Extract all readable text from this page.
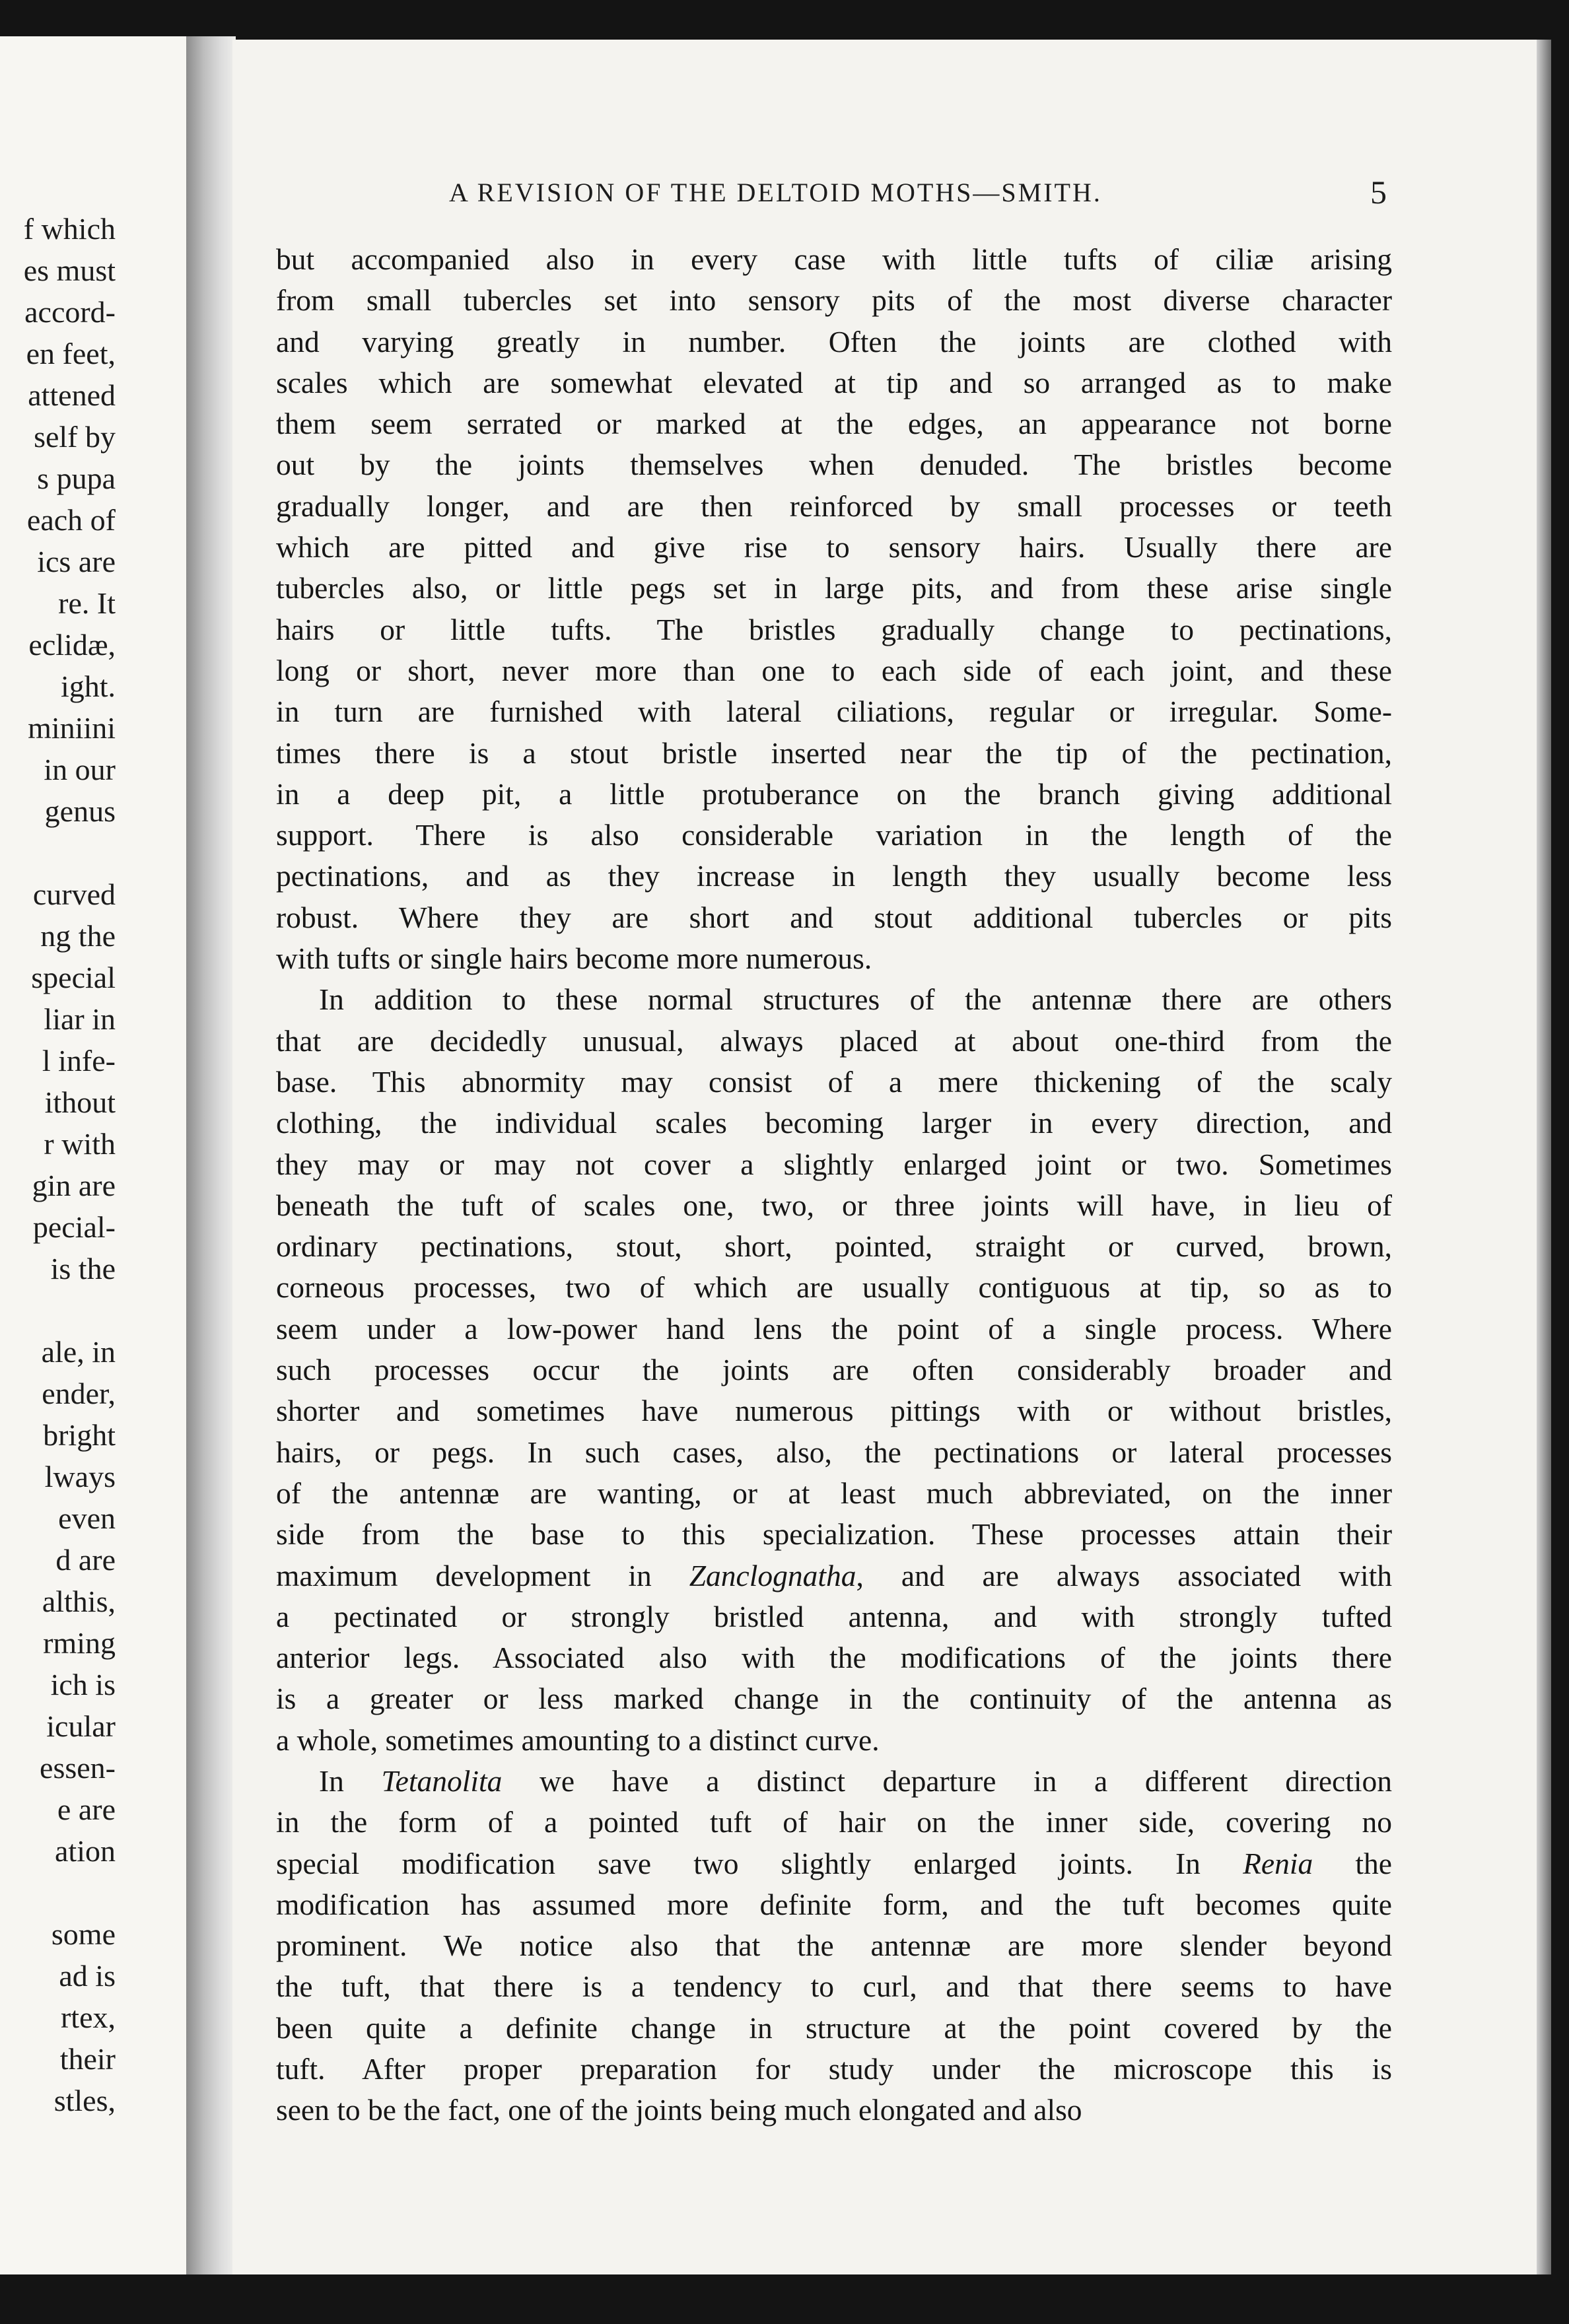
f which
es must
accord-
en feet,
attened
self by
s pupa
each of
ics are
re. It
eclidæ,
ight.
miniini
in our
genus
curved
ng the
special
liar in
l infe-
ithout
r with
gin are
pecial-
is the
ale, in
ender,
bright
lways
even
d are
althis,
rming
ich is
icular
essen-
e are
ation
some
ad is
rtex,
their
stles,
A REVISION OF THE DELTOID MOTHS—SMITH.	5
but accompanied also in every case with little tufts of ciliæ arising
from small tubercles set into sensory pits of the most diverse character
and varying greatly in number. Often the joints are clothed with
scales which are somewhat elevated at tip and so arranged as to make
them seem serrated or marked at the edges, an appearance not borne
out by the joints themselves when denuded. The bristles become
gradually longer, and are then reinforced by small processes or teeth
which are pitted and give rise to sensory hairs. Usually there are
tubercles also, or little pegs set in large pits, and from these arise single
hairs or little tufts. The bristles gradually change to pectinations,
long or short, never more than one to each side of each joint, and these
in turn are furnished with lateral ciliations, regular or irregular. Some-
times there is a stout bristle inserted near the tip of the pectination,
in a deep pit, a little protuberance on the branch giving additional
support. There is also considerable variation in the length of the
pectinations, and as they increase in length they usually become less
robust. Where they are short and stout additional tubercles or pits
with tufts or single hairs become more numerous.
In addition to these normal structures of the antennæ there are others
that are decidedly unusual, always placed at about one-third from the
base. This abnormity may consist of a mere thickening of the scaly
clothing, the individual scales becoming larger in every direction, and
they may or may not cover a slightly enlarged joint or two. Sometimes
beneath the tuft of scales one, two, or three joints will have, in lieu of
ordinary pectinations, stout, short, pointed, straight or curved, brown,
corneous processes, two of which are usually contiguous at tip, so as to
seem under a low-power hand lens the point of a single process. Where
such processes occur the joints are often considerably broader and
shorter and sometimes have numerous pittings with or without bristles,
hairs, or pegs. In such cases, also, the pectinations or lateral processes
of the antennæ are wanting, or at least much abbreviated, on the inner
side from the base to this specialization. These processes attain their
maximum development in Zanclognatha, and are always associated with
a pectinated or strongly bristled antenna, and with strongly tufted
anterior legs. Associated also with the modifications of the joints there
is a greater or less marked change in the continuity of the antenna as
a whole, sometimes amounting to a distinct curve.
In Tetanolita we have a distinct departure in a different direction
in the form of a pointed tuft of hair on the inner side, covering no
special modification save two slightly enlarged joints. In Renia the
modification has assumed more definite form, and the tuft becomes quite
prominent. We notice also that the antennæ are more slender beyond
the tuft, that there is a tendency to curl, and that there seems to have
been quite a definite change in structure at the point covered by the
tuft. After proper preparation for study under the microscope this is
seen to be the fact, one of the joints being much elongated and also
